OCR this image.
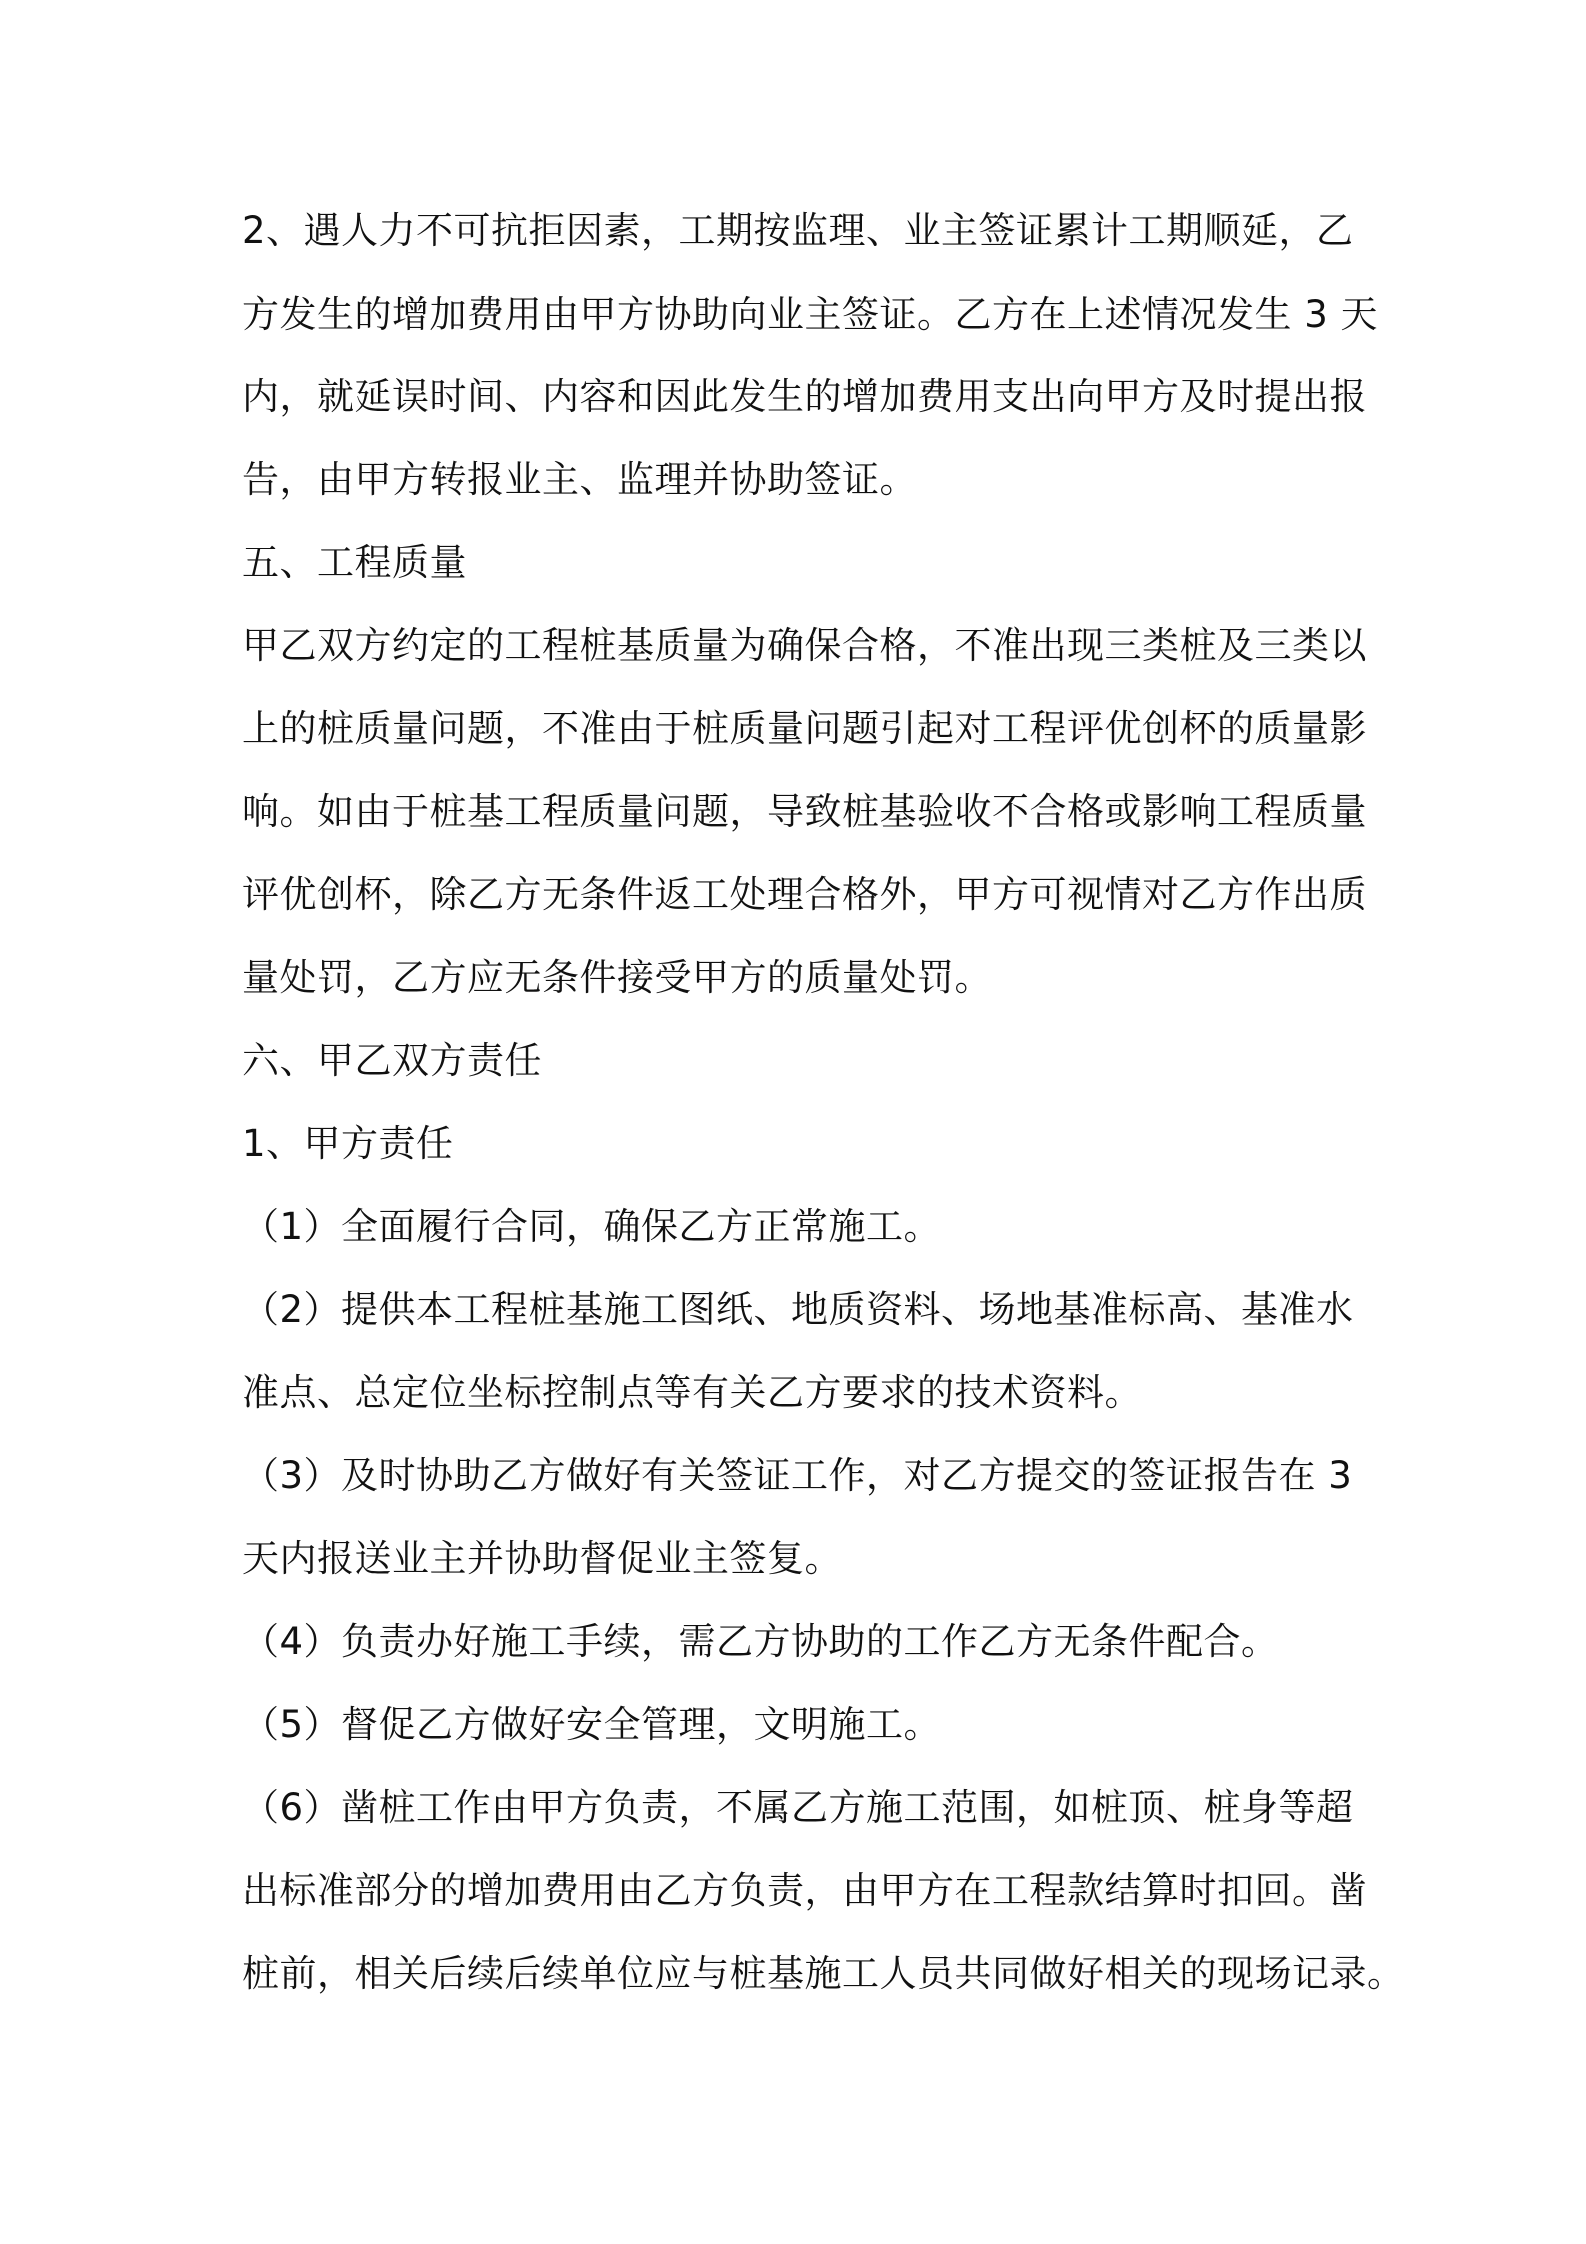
2、遇人力不可抗拒因素，工期按监理、业主签证累计工期顺延，乙
方发生的增加费用由甲方协助向业主签证。乙方在上述情况发生 3 天
内，就延误时间、内容和因此发生的增加费用支出向甲方及时提出报
告，由甲方转报业主、监理并协助签证。
五、工程质量
甲乙双方约定的工程桩基质量为确保合格，不准出现三类桩及三类以
上的桩质量问题，不准由于桩质量问题引起对工程评优创杯的质量影
响。如由于桩基工程质量问题，导致桩基验收不合格或影响工程质量
评优创杯，除乙方无条件返工处理合格外，甲方可视情对乙方作出质
量处罚，乙方应无条件接受甲方的质量处罚。
六、甲乙双方责任
1、甲方责任
（1）全面履行合同，确保乙方正常施工。
（2）提供本工程桩基施工图纸、地质资料、场地基准标高、基准水
准点、总定位坐标控制点等有关乙方要求的技术资料。
（3）及时协助乙方做好有关签证工作，对乙方提交的签证报告在 3
天内报送业主并协助督促业主签复。
（4）负责办好施工手续，需乙方协助的工作乙方无条件配合。
（5）督促乙方做好安全管理，文明施工。
（6）凿桩工作由甲方负责，不属乙方施工范围，如桩顶、桩身等超
出标准部分的增加费用由乙方负责，由甲方在工程款结算时扣回。凿
桩前，相关后续后续单位应与桩基施工人员共同做好相关的现场记录。
